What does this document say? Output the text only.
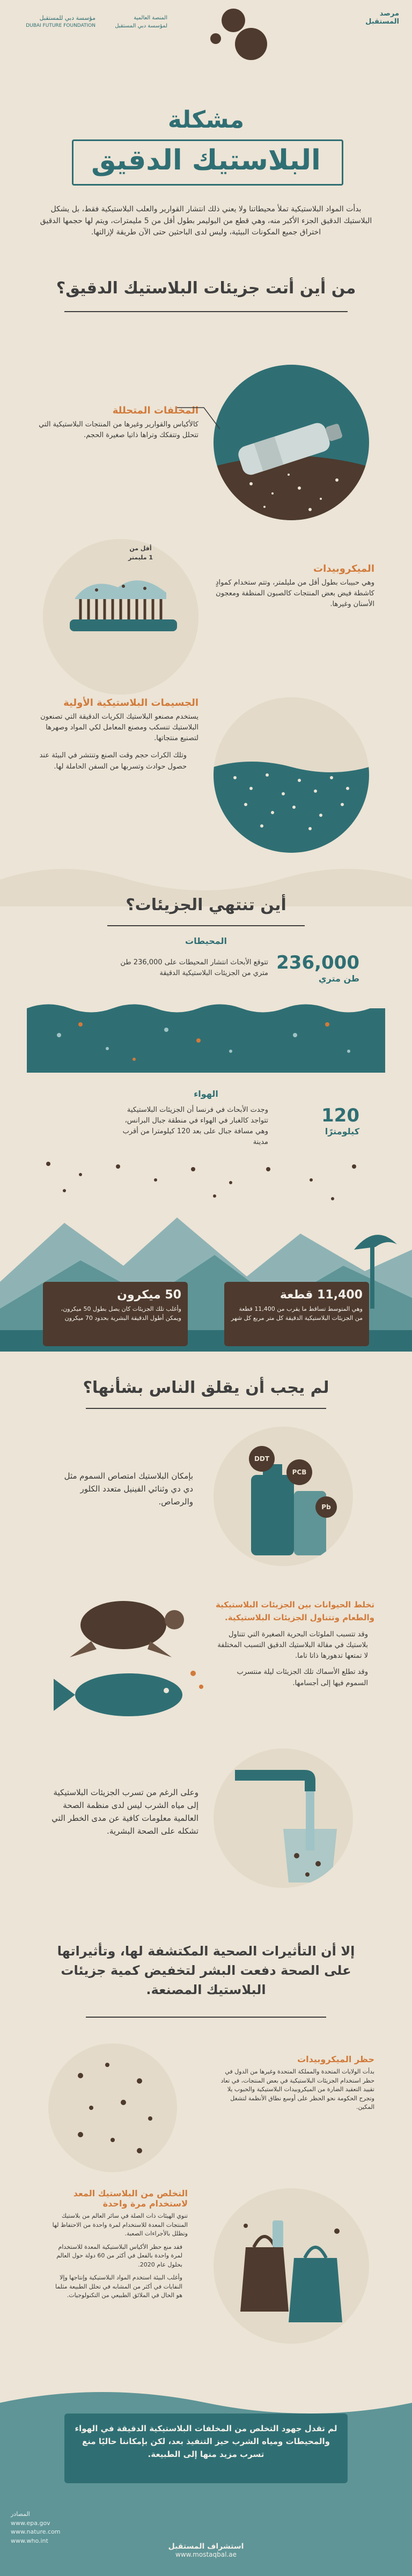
مؤسسة دبي للمستقبل
DUBAI FUTURE FOUNDATION
المنصة العالمية
لمؤسسة دبي المستقبل
مرصد
المستقبل
مشكلة
البلاستيك الدقيق
بدأت المواد البلاستيكية تملأ محيطاتنا ولا يعني ذلك انتشار القوارير والعلب البلاستيكية فقط، بل يشكل البلاستيك الدقيق الجزء الأكبر منه، وهي قطع من البوليمر بطول أقل من 5 مليمترات، ويتم لها حجمها الدقيق اختراق جميع المكونات البيئية، وليس لدى الباحثين حتى الآن طريقة لإزالتها.
من أين أتت جزيئات البلاستيك الدقيق؟
المخلفات المتحللة
كالأكياس والقوارير وغيرها من المنتجات البلاستيكية التي تتحلل وتتفكك وتراها ذاتيا صغيرة الحجم.
أقل من
1 مليمتر
الميكروبيدات
وهي حبيبات بطول أقل من مليلمتر، وتتم ستخدام كموادٍ كاشطة فيض بعض المنتجات كالصبون المنظفة ومعجون الأسنان وغيرها.
الجسيمات البلاستيكية الأولية
يستخدم مصنعو البلاستيك الكريات الدقيقة التي تصنعون البلاستيك تنسكب ومصنع المعامل لكي المواد وصهرها لتصنيع منتجاتها.
وتلك الكرات حجم وقت الصنع وتنتشر في البيئة عند حصول حوادث وتسربها من السفن الحاملة لها.
أين تنتهي الجزيئات؟
المحيطات
236,000
طن متري
تتوقع الأبحاث انتشار المحيطات على 236,000 طن متري من الجزيئات البلاستيكية الدقيقة
الهواء
120
كيلومترًا
وجدت الأبحاث في فرنسا أن الجزيئات البلاستيكية تتواجد كالغبار في الهواء في منطقة جبال البرانس، وهي مسافة جبال على بعد 120 كيلومترا من أقرب مدينة
50 ميكرون
وأغلب تلك الجزيئات كان يصل بطول 50 ميكرون، ويمكن أطول الدقيقة البشرية بحدود 70 ميكرون
11,400 قطعة
وهي المتوسط تساقط ما يقرب من 11,400 قطعة من الجزيئات البلاستيكية الدقيقة كل متر مربع كل شهر
لم يجب أن يقلق الناس بشأنها؟
DDT
PCB
Pb
بإمكان البلاستيك امتصاص السموم مثل دي دي وثنائي الفينيل متعدد الكلور والرصاص.
تخلط الحيوانات بين الجزيئات البلاستيكية والطعام وتتناول الجزيئات البلاستيكية.
وقد تتسبب الملوثات البحرية الصغيرة التي تتناول بلاستيك في مقالة البلاستيك الدقيق التسبب المختلفة لا تمتعها تدهورها ذاتا تاما.
وقد تطلع الأسماك تلك الجزيئات ليلة منتسرب السموم فيها إلى أجسامها.
وعلى الرغم من تسرب الجزيئات البلاستيكية إلى مياه الشرب ليس لدى منظمة الصحة العالمية معلومات كافية عن مدى الخطر التي تشكله على الصحة البشرية.
إلا أن التأثيرات الصحية المكتشفة لها، وتأثيراتها على الصحة دفعت البشر لتخفيض كمية جزيئات البلاستيك المصنعة.
حظر الميكروبيدات
بدأت الولايات المتحدة والمملكة المتحدة وغيرها من الدول في حظر استخدام الجزيئات البلاستيكية في بعض المنتجات، في تعاد تقييد التعقيد الضارة من الميكروبيدات البلاستيكية والحبوب يلا وتجرح الحكومة نحو الحظر على أوسع نطاق الأنظمة لتشغل المكين.
التخلص من البلاستيك المعد لاستخدام مرة واحدة
تنوي الهيئات ذات الصلة في سائر العالم من بلاستيك المنتجات المعدة للاستخدام لمرة واحدة من الاحتفاظ لها وتظلل بالأجراءات الصعبة.
فقد منع حظر الأكياس البلاستيكية المعدة للاستخدام لمرة واحدة بالفعل في أكثر من 60 دولة حول العالم بحلول عام 2020.
وأغلب البيئة استخدم المواد البلاستيكية وإنتاجها وإلا النفايات في أكثر من المشابه في تحلل الطبيعة مثلما هو الحال في الملائق الطبيعي من التكنولوجيات.
لم تقدل جهود التخلص من المخلفات البلاستيكية الدقيقة في الهواء والمحيطات ومياه الشرب حيز التنفيذ بعد، لكن بإمكاننا حاليًا منع تسرب مزيد منها إلى الطبيعة.
المصادر
www.epa.gov
www.nature.com
www.who.int
استشراف المستقبل
www.mostaqbal.ae
